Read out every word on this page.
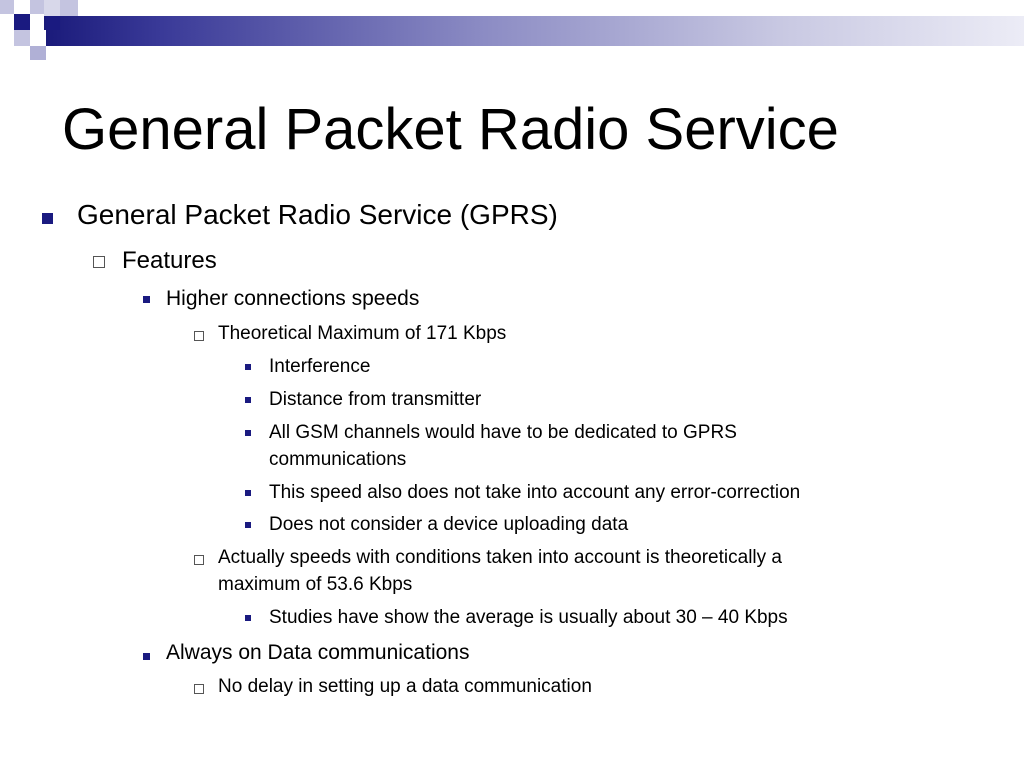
General Packet Radio Service
General Packet Radio Service (GPRS)
Features
Higher connections speeds
Theoretical Maximum of 171 Kbps
Interference
Distance from transmitter
All GSM channels would have to be dedicated to GPRS
communications
This speed also does not take into account any error-correction
Does not consider a device uploading data
Actually speeds with conditions taken into account is theoretically a
maximum of 53.6 Kbps
Studies have show the average is usually about 30 – 40 Kbps
Always on Data communications
No delay in setting up a data communication
